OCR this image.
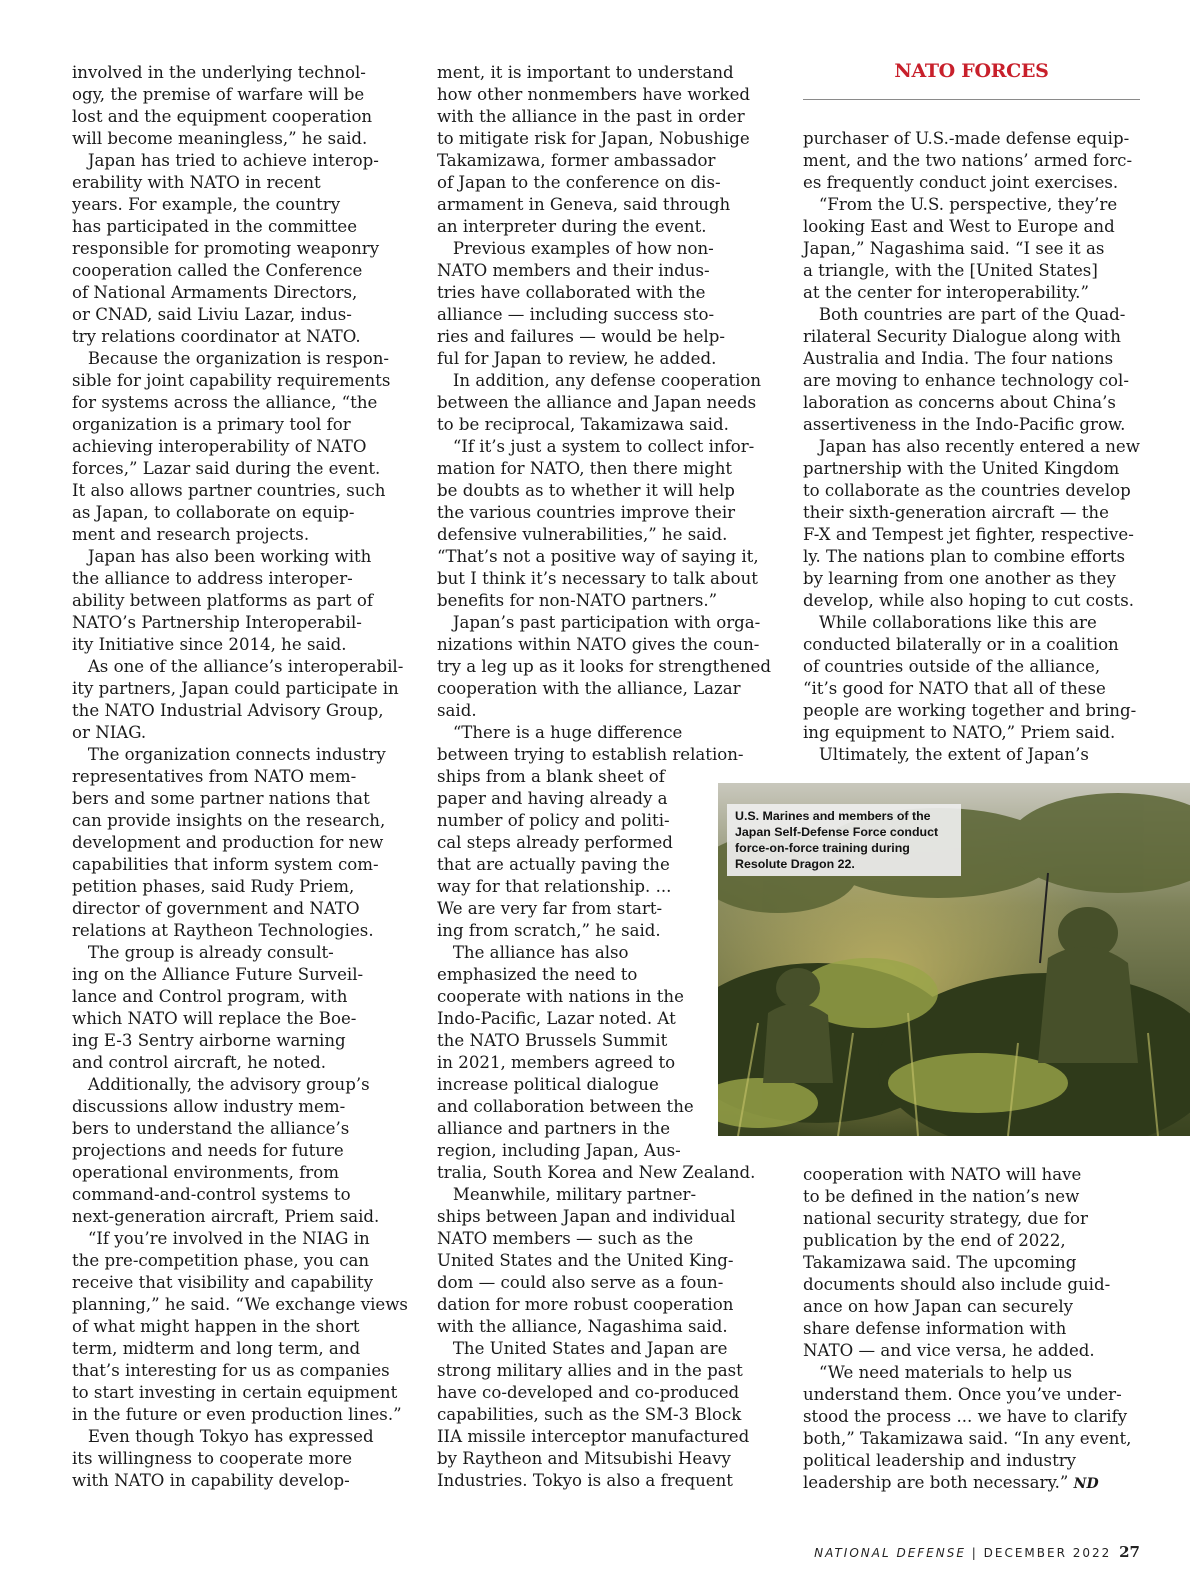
NATO FORCES
involved in the underlying technol-
ogy, the premise of warfare will be
lost and the equipment cooperation
will become meaningless,” he said.
Japan has tried to achieve interop-
erability with NATO in recent
years. For example, the country
has participated in the committee
responsible for promoting weaponry
cooperation called the Conference
of National Armaments Directors,
or CNAD, said Liviu Lazar, indus-
try relations coordinator at NATO.
Because the organization is respon-
sible for joint capability requirements
for systems across the alliance, “the
organization is a primary tool for
achieving interoperability of NATO
forces,” Lazar said during the event.
It also allows partner countries, such
as Japan, to collaborate on equip-
ment and research projects.
Japan has also been working with
the alliance to address interoper-
ability between platforms as part of
NATO’s Partnership Interoperabil-
ity Initiative since 2014, he said.
As one of the alliance’s interoperabil-
ity partners, Japan could participate in
the NATO Industrial Advisory Group,
or NIAG.
The organization connects industry
representatives from NATO mem-
bers and some partner nations that
can provide insights on the research,
development and production for new
capabilities that inform system com-
petition phases, said Rudy Priem,
director of government and NATO
relations at Raytheon Technologies.
The group is already consult-
ing on the Alliance Future Surveil-
lance and Control program, with
which NATO will replace the Boe-
ing E-3 Sentry airborne warning
and control aircraft, he noted.
Additionally, the advisory group’s
discussions allow industry mem-
bers to understand the alliance’s
projections and needs for future
operational environments, from
command-and-control systems to
next-generation aircraft, Priem said.
“If you’re involved in the NIAG in
the pre-competition phase, you can
receive that visibility and capability
planning,” he said. “We exchange views
of what might happen in the short
term, midterm and long term, and
that’s interesting for us as companies
to start investing in certain equipment
in the future or even production lines.”
Even though Tokyo has expressed
its willingness to cooperate more
with NATO in capability develop-
ment, it is important to understand
how other nonmembers have worked
with the alliance in the past in order
to mitigate risk for Japan, Nobushige
Takamizawa, former ambassador
of Japan to the conference on dis-
armament in Geneva, said through
an interpreter during the event.
Previous examples of how non-
NATO members and their indus-
tries have collaborated with the
alliance — including success sto-
ries and failures — would be help-
ful for Japan to review, he added.
In addition, any defense cooperation
between the alliance and Japan needs
to be reciprocal, Takamizawa said.
“If it’s just a system to collect infor-
mation for NATO, then there might
be doubts as to whether it will help
the various countries improve their
defensive vulnerabilities,” he said.
“That’s not a positive way of saying it,
but I think it’s necessary to talk about
benefits for non-NATO partners.”
Japan’s past participation with orga-
nizations within NATO gives the coun-
try a leg up as it looks for strengthened
cooperation with the alliance, Lazar
said.
“There is a huge difference
between trying to establish relation-
ships from a blank sheet of
paper and having already a
number of policy and politi-
cal steps already performed
that are actually paving the
way for that relationship. ...
We are very far from start-
ing from scratch,” he said.
The alliance has also
emphasized the need to
cooperate with nations in the
Indo-Pacific, Lazar noted. At
the NATO Brussels Summit
in 2021, members agreed to
increase political dialogue
and collaboration between the
alliance and partners in the
region, including Japan, Aus-
tralia, South Korea and New Zealand.
Meanwhile, military partner-
ships between Japan and individual
NATO members — such as the
United States and the United King-
dom — could also serve as a foun-
dation for more robust cooperation
with the alliance, Nagashima said.
The United States and Japan are
strong military allies and in the past
have co-developed and co-produced
capabilities, such as the SM-3 Block
IIA missile interceptor manufactured
by Raytheon and Mitsubishi Heavy
Industries. Tokyo is also a frequent
purchaser of U.S.-made defense equip-
ment, and the two nations’ armed forc-
es frequently conduct joint exercises.
“From the U.S. perspective, they’re
looking East and West to Europe and
Japan,” Nagashima said. “I see it as
a triangle, with the [United States]
at the center for interoperability.”
Both countries are part of the Quad-
rilateral Security Dialogue along with
Australia and India. The four nations
are moving to enhance technology col-
laboration as concerns about China’s
assertiveness in the Indo-Pacific grow.
Japan has also recently entered a new
partnership with the United Kingdom
to collaborate as the countries develop
their sixth-generation aircraft — the
F-X and Tempest jet fighter, respective-
ly. The nations plan to combine efforts
by learning from one another as they
develop, while also hoping to cut costs.
While collaborations like this are
conducted bilaterally or in a coalition
of countries outside of the alliance,
“it’s good for NATO that all of these
people are working together and bring-
ing equipment to NATO,” Priem said.
Ultimately, the extent of Japan’s
cooperation with NATO will have
to be defined in the nation’s new
national security strategy, due for
publication by the end of 2022,
Takamizawa said. The upcoming
documents should also include guid-
ance on how Japan can securely
share defense information with
NATO — and vice versa, he added.
“We need materials to help us
understand them. Once you’ve under-
stood the process ... we have to clarify
both,” Takamizawa said. “In any event,
political leadership and industry
leadership are both necessary.” ND
U.S. Marines and members of the
Japan Self-Defense Force conduct
force-on-force training during
Resolute Dragon 22.
NATIONAL DEFENSE | DECEMBER 2022 27
